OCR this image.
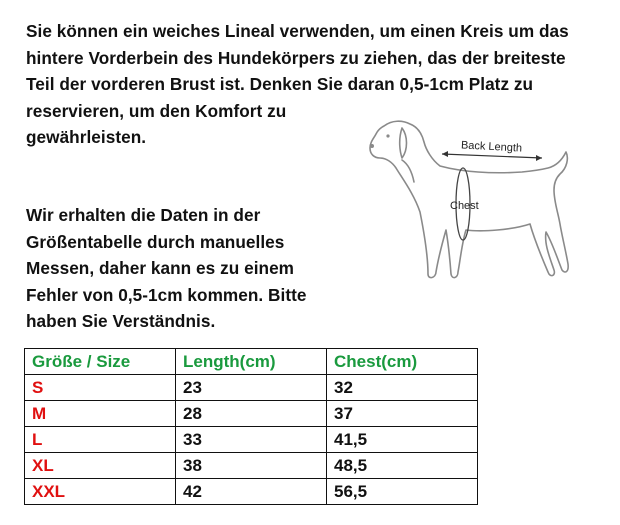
Sie können ein weiches Lineal verwenden, um einen Kreis um das
hintere Vorderbein des Hundekörpers zu ziehen, das der breiteste
Teil der vorderen Brust ist. Denken Sie daran 0,5-1cm Platz zu
reservieren, um den Komfort zu
gewährleisten.

Wir erhalten die Daten in der
Größentabelle durch manuelles
Messen, daher kann es zu einem
Fehler von 0,5-1cm kommen. Bitte
haben Sie Verständnis.

Back Length
Chest
Größe / Size	Length(cm)	Chest(cm)
S	23	32
M	28	37
L	33	41,5
XL	38	48,5
XXL	42	56,5
